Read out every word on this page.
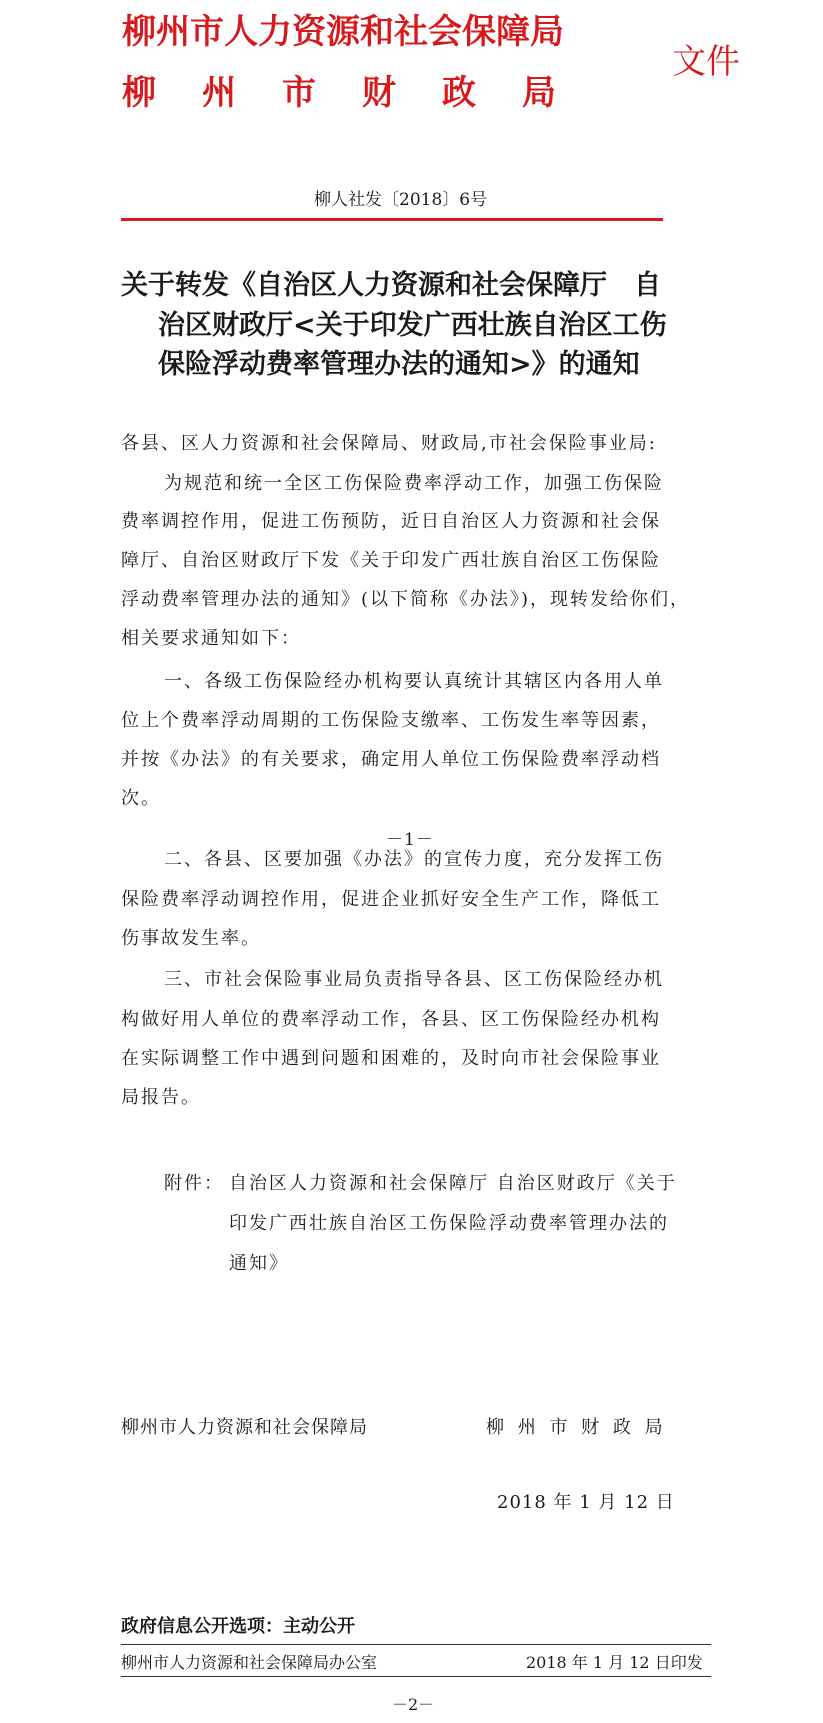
柳州市人力资源和社会保障局
柳州市财政局
文件
柳人社发〔2018〕6号
关于转发《自治区人力资源和社会保障厅　自
治区财政厅<关于印发广西壮族自治区工伤
保险浮动费率管理办法的通知>》的通知
各县、区人力资源和社会保障局、财政局,市社会保险事业局:
为规范和统一全区工伤保险费率浮动工作，加强工伤保险
费率调控作用，促进工伤预防，近日自治区人力资源和社会保
障厅、自治区财政厅下发《关于印发广西壮族自治区工伤保险
浮动费率管理办法的通知》(以下简称《办法》)，现转发给你们，
相关要求通知如下：
一、各级工伤保险经办机构要认真统计其辖区内各用人单
位上个费率浮动周期的工伤保险支缴率、工伤发生率等因素，
并按《办法》的有关要求，确定用人单位工伤保险费率浮动档
次。
－1－
二、各县、区要加强《办法》的宣传力度，充分发挥工伤
保险费率浮动调控作用，促进企业抓好安全生产工作，降低工
伤事故发生率。
三、市社会保险事业局负责指导各县、区工伤保险经办机
构做好用人单位的费率浮动工作，各县、区工伤保险经办机构
在实际调整工作中遇到问题和困难的，及时向市社会保险事业
局报告。
附件： 自治区人力资源和社会保障厅 自治区财政厅《关于
印发广西壮族自治区工伤保险浮动费率管理办法的
通知》
柳州市人力资源和社会保障局	柳 州 市 财 政 局
2018 年 1 月 12 日
政府信息公开选项：主动公开
柳州市人力资源和社会保障局办公室	2018 年 1 月 12 日印发
－2－
